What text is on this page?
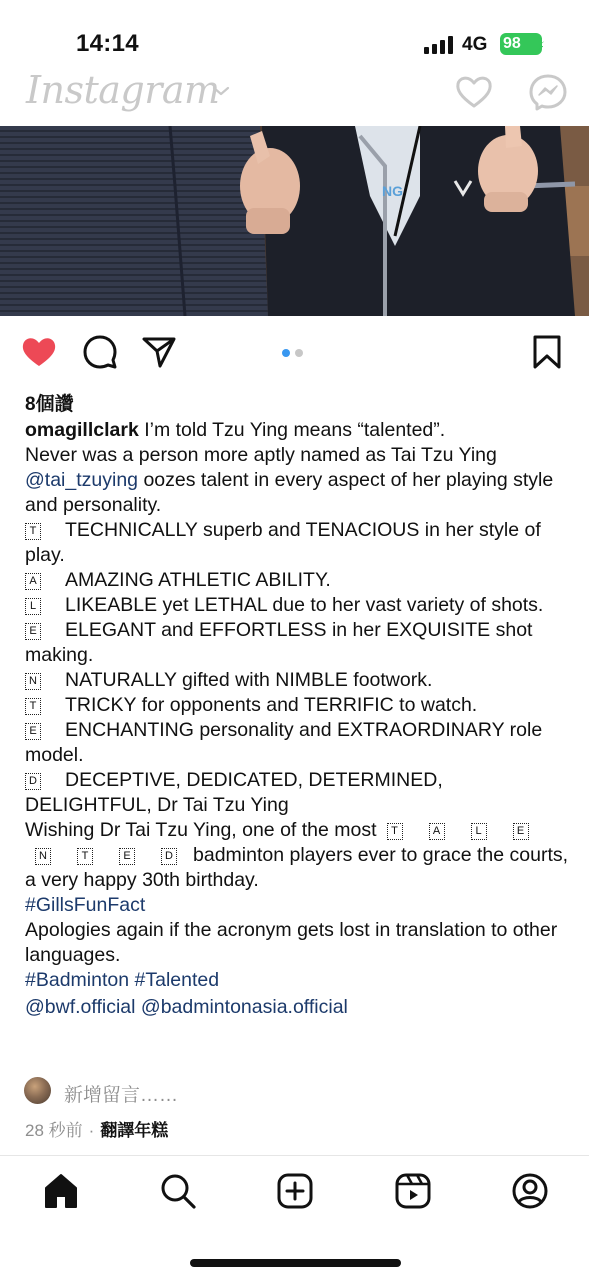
14:14	4G 98 ⚡
Instagram
NG
8個讚

omagillclark I’m told Tzu Ying means “talented”.

Never was a person more aptly named as Tai Tzu Ying @tai_tzuying oozes talent in every aspect of her playing style and personality.

T TECHNICALLY superb and TENACIOUS in her style of play.

A AMAZING ATHLETIC ABILITY.

L LIKEABLE yet LETHAL due to her vast variety of shots.

E ELEGANT and EFFORTLESS in her EXQUISITE shot making.

N NATURALLY gifted with NIMBLE footwork.

T TRICKY for opponents and TERRIFIC to watch.

E ENCHANTING personality and EXTRAORDINARY role model.

D DECEPTIVE, DEDICATED, DETERMINED, DELIGHTFUL, Dr Tai Tzu Ying

Wishing Dr Tai Tzu Ying, one of the most T	A	L	EN	T	E	D badminton players ever to grace the courts, a very happy 30th birthday.

#GillsFunFact

Apologies again if the acronym gets lost in translation to other languages.

#Badminton #Talented

@bwf.official @badmintonasia.official

新增留言……
28 秒前 · 翻譯年糕
